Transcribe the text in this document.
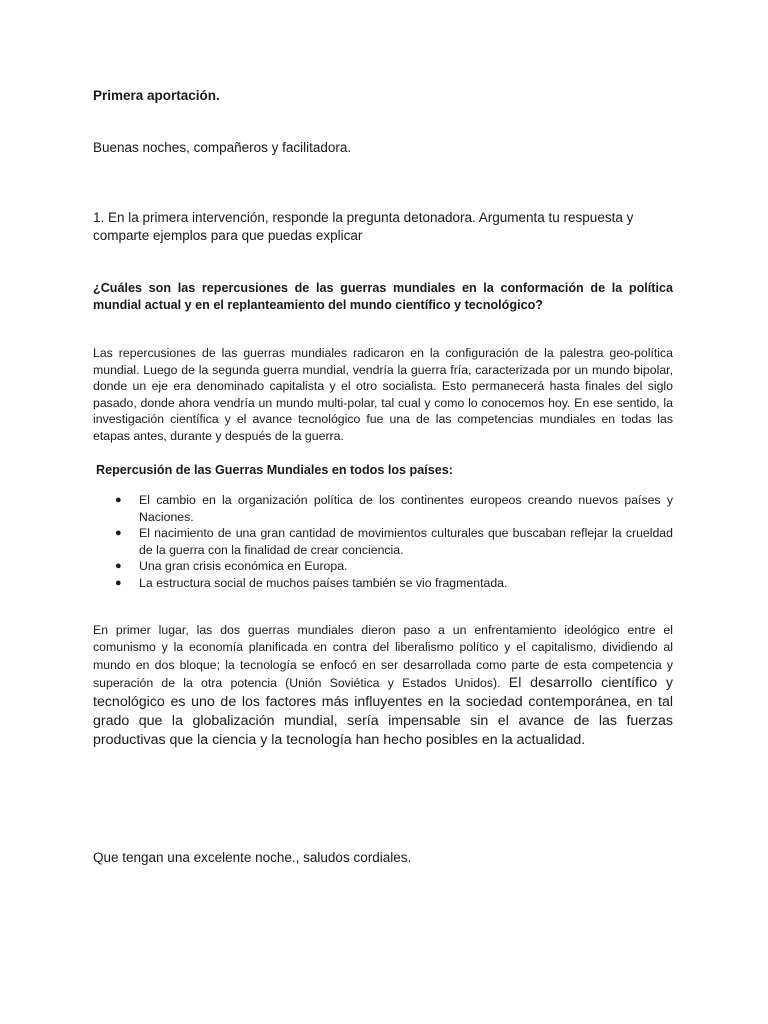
Primera aportación.

Buenas noches, compañeros y facilitadora.

1. En la primera intervención, responde la pregunta detonadora. Argumenta tu respuesta y comparte ejemplos para que puedas explicar

¿Cuáles son las repercusiones de las guerras mundiales en la conformación de la política mundial actual y en el replanteamiento del mundo científico y tecnológico?

Las repercusiones de las guerras mundiales radicaron en la configuración de la palestra geo-política mundial. Luego de la segunda guerra mundial, vendría la guerra fría, caracterizada por un mundo bipolar, donde un eje era denominado capitalista y el otro socialista. Esto permanecerá hasta finales del siglo pasado, donde ahora vendría un mundo multi-polar, tal cual y como lo conocemos hoy. En ese sentido, la investigación científica y el avance tecnológico fue una de las competencias mundiales en todas las etapas antes, durante y después de la guerra.

Repercusión de las Guerras Mundiales en todos los países:

● El cambio en la organización política de los continentes europeos creando nuevos países y Naciones.
● El nacimiento de una gran cantidad de movimientos culturales que buscaban reflejar la crueldad de la guerra con la finalidad de crear conciencia.
● Una gran crisis económica en Europa.
● La estructura social de muchos países también se vio fragmentada.

En primer lugar, las dos guerras mundiales dieron paso a un enfrentamiento ideológico entre el comunismo y la economía planificada en contra del liberalismo político y el capitalismo, dividiendo al mundo en dos bloque; la tecnología se enfocó en ser desarrollada como parte de esta competencia y superación de la otra potencia (Unión Soviética y Estados Unidos). El desarrollo científico y tecnológico es uno de los factores más influyentes en la sociedad contemporánea, en tal grado que la globalización mundial, sería impensable sin el avance de las fuerzas productivas que la ciencia y la tecnología han hecho posibles en la actualidad.

Que tengan una excelente noche., saludos cordiales.
